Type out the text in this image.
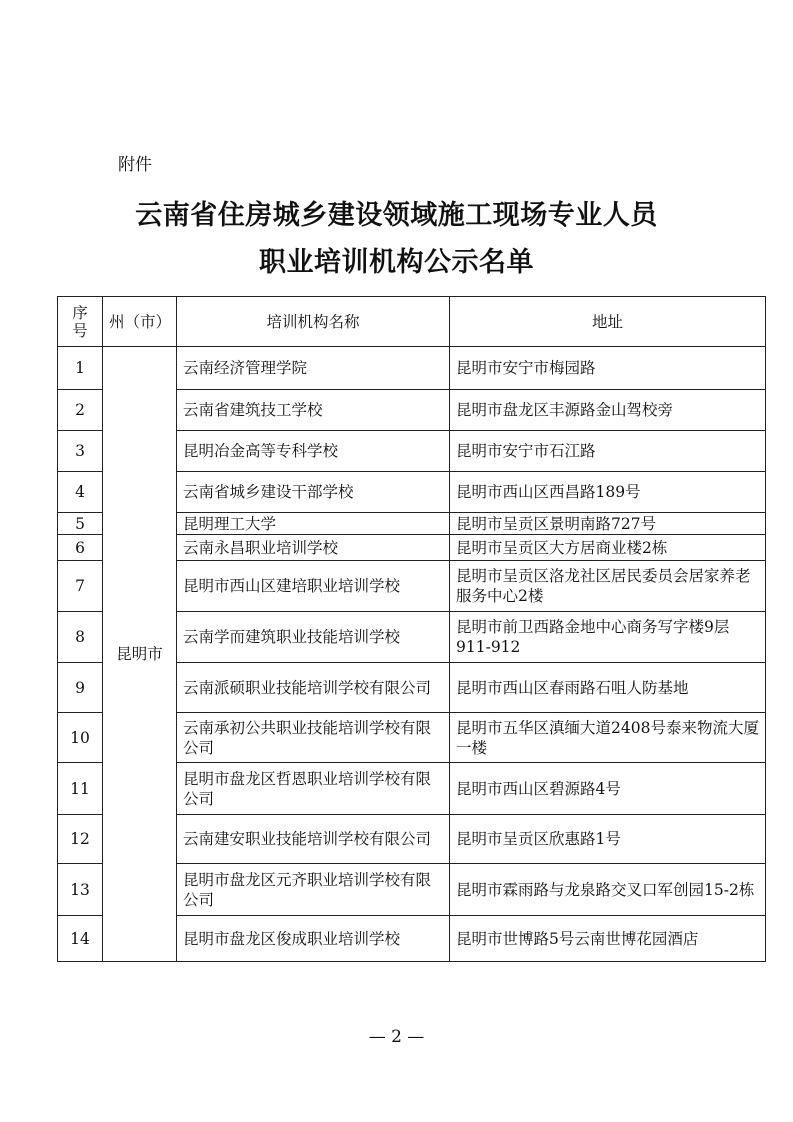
附件
云南省住房城乡建设领域施工现场专业人员
职业培训机构公示名单
序号	州（市）	培训机构名称	地址
1	昆明市	云南经济管理学院	昆明市安宁市梅园路
2		云南省建筑技工学校	昆明市盘龙区丰源路金山驾校旁
3		昆明冶金高等专科学校	昆明市安宁市石江路
4		云南省城乡建设干部学校	昆明市西山区西昌路189号
5		昆明理工大学	昆明市呈贡区景明南路727号
6		云南永昌职业培训学校	昆明市呈贡区大方居商业楼2栋
7		昆明市西山区建培职业培训学校	昆明市呈贡区洛龙社区居民委员会居家养老服务中心2楼
8		云南学而建筑职业技能培训学校	昆明市前卫西路金地中心商务写字楼9层911-912
9		云南派硕职业技能培训学校有限公司	昆明市西山区春雨路石咀人防基地
10		云南承初公共职业技能培训学校有限公司	昆明市五华区滇缅大道2408号泰来物流大厦一楼
11		昆明市盘龙区哲恩职业培训学校有限公司	昆明市西山区碧源路4号
12		云南建安职业技能培训学校有限公司	昆明市呈贡区欣惠路1号
13		昆明市盘龙区元齐职业培训学校有限公司	昆明市霖雨路与龙泉路交叉口军创园15-2栋
14		昆明市盘龙区俊成职业培训学校	昆明市世博路5号云南世博花园酒店
— 2 —
